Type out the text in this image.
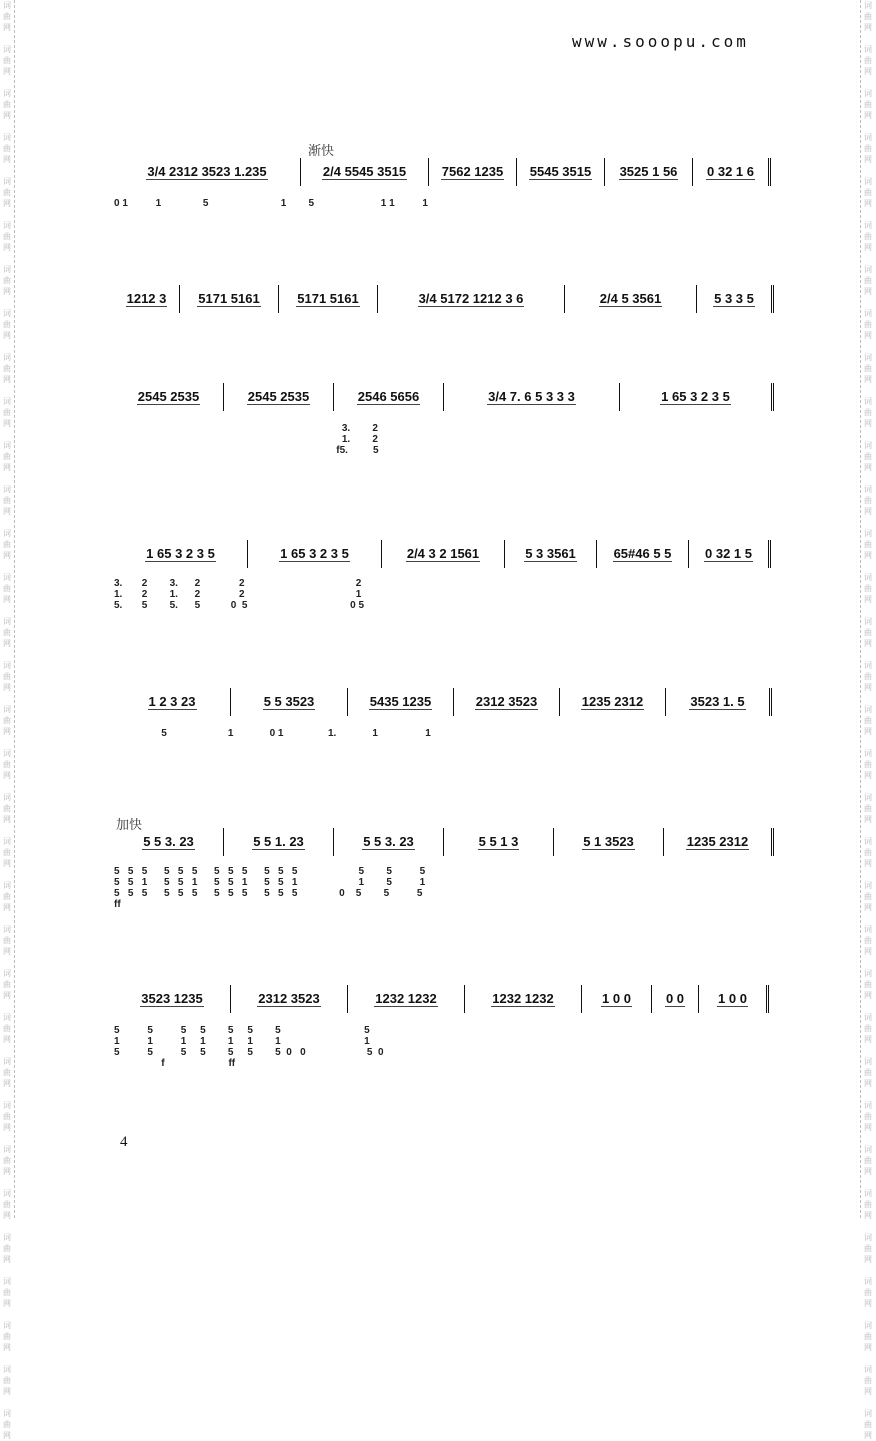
词
曲
网

词
曲
网

词
曲
网

词
曲
网

词
曲
网

词
曲
网

词
曲
网

词
曲
网

词
曲
网

词
曲
网

词
曲
网

词
曲
网

词
曲
网

词
曲
网

词
曲
网

词
曲
网

词
曲
网

词
曲
网

词
曲
网

词
曲
网

词
曲
网

词
曲
网

词
曲
网

词
曲
网

词
曲
网

词
曲
网

词
曲
网

词
曲
网

词
曲
网

词
曲
网

词
曲
网

词
曲
网

词
曲
网
词
曲
网

词
曲
网

词
曲
网

词
曲
网

词
曲
网

词
曲
网

词
曲
网

词
曲
网

词
曲
网

词
曲
网

词
曲
网

词
曲
网

词
曲
网

词
曲
网

词
曲
网

词
曲
网

词
曲
网

词
曲
网

词
曲
网

词
曲
网

词
曲
网

词
曲
网

词
曲
网

词
曲
网

词
曲
网

词
曲
网

词
曲
网

词
曲
网

词
曲
网

词
曲
网

词
曲
网

词
曲
网

词
曲
网
www.sooopu.com
渐快
加快
3/4 2312 3523 1.235	2/4 5545 3515	7562 1235 5545 3515 3525 1 56 0 32 1 6
0 1          1               5                          1        5                        1 1          1
1212 3 5171 5161	5171 5161	3/4 5172 1212 3 6	2/4 5 3561	5 3 3 5
2545 2535	2545 2535	2546 5656	3/4 7. 6 5 3 3 3	1 65 3 2 3 5
3.        2
1.        2
f5.         5
1 65 3 2 3 5	1 65 3 2 3 5	2/4 3 2 1561	5 3 3561	65#46 5 5	0 32 1 5
3.       2        3.      2              2                                        2
1.       2        1.      2              2                                        1
5.       5        5.      5           0  5                                     0 5
1 2 3 23	5 5 3523	5435 1235	2312 3523	1235 2312	3523 1. 5
5                      1             0 1                1.             1                 1
5 5 3. 23	5 5 1. 23	5 5 3. 23	5 5 1 3	5 1 3523	1235 2312
5   5   5      5   5   5      5   5   5      5   5   5                      5        5          5
5   5   1      5   5   1      5   5   1      5   5   1                      1        5          1
5   5   5      5   5   5      5   5   5      5   5   5               0    5        5          5
ff
3523 1235	2312 3523	1232 1232	1232 1232	1 0 0	0 0	1 0 0
5          5          5     5        5     5        5                              5
1          1          1     1        1     1        1                              1
5          5          5     5        5     5        5  0   0                      5  0
f                       ff
4
